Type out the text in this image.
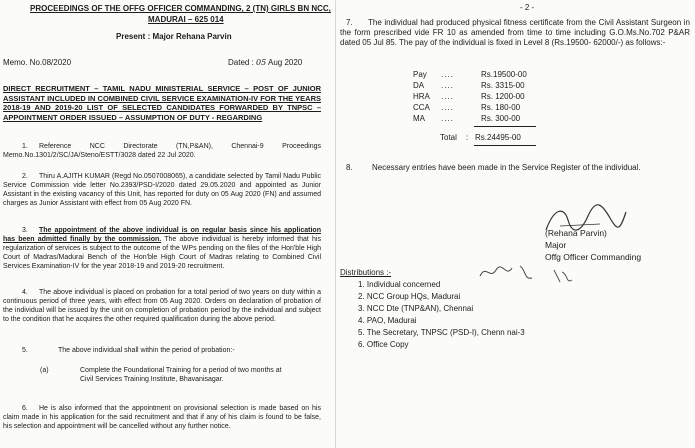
PROCEEDINGS OF THE OFFG OFFICER COMMANDING, 2 (TN) GIRLS BN NCC,
MADURAI – 625 014
Present : Major Rehana Parvin
Memo. No.08/2020	Dated : 05 Aug 2020
DIRECT RECRUITMENT – TAMIL NADU MINISTERIAL SERVICE – POST OF JUNIOR ASSISTANT INCLUDED IN COMBINED CIVIL SERVICE EXAMINATION-IV FOR THE YEARS 2018-19 AND 2019-20 LIST OF SELECTED CANDIDATES FORWARDED BY TNPSC – APPOINTMENT ORDER ISSUED – ASSUMPTION OF DUTY - REGARDING
1.	Reference NCC Directorate (TN,P&AN), Chennai-9 Proceedings Memo.No.1301/2/SC/JA/Steno/ESTT/3028 dated 22 Jul 2020.
2.	Thiru A.AJITH KUMAR (Regd No.0507008065), a candidate selected by Tamil Nadu Public Service Commission vide letter No.2393/PSD-I/2020 dated 29.05.2020 and appointed as Junior Assistant in the existing vacancy of this Unit, has reported for duty on 05 Aug 2020 (FN) and assumed charges as Junior Assistant with effect from 05 Aug 2020 FN.
3.	The appointment of the above individual is on regular basis since his application has been admitted finally by the commission. The above individual is hereby informed that his regularization of services is subject to the outcome of the WPs pending on the files of the Hon'ble High Court of Madras/Madurai Bench of the Hon'ble High Court of Madras relating to Combined Civil Services Examination-IV for the year 2018-19 and 2019-20 recruitment.
4.	The above individual is placed on probation for a total period of two years on duty within a continuous period of three years, with effect from 05 Aug 2020. Orders on declaration of probation of the individual will be issued by the unit on completion of probation period by the individual and subject to the condition that he acquires the other required qualification during the above period.
5.	The above individual shall within the period of probation:-
(a)	Complete the Foundational Training for a period of two months at
Civil Services Training Institute, Bhavanisagar.
6.	He is also informed that the appointment on provisional selection is made based on his claim made in his application for the said recruitment and that if any of his claim is found to be false, his selection and appointment will be cancelled without any further notice.
- 2 -
7.	The individual had produced physical fitness certificate from the Civil Assistant Surgeon in the form prescribed vide FR 10 as amended from time to time including G.O.Ms.No.702 P&AR dated 05 Jul 85. The pay of the individual is fixed in Level 8 (Rs.19500- 62000/-) as follows:-
Pay ....	Rs.19500-00
DA ....	Rs. 3315-00
HRA ....	Rs. 1200-00
CCA ....	Rs. 180-00
MA ....	Rs. 300-00
Total : Rs.24495-00
8. Necessary entries have been made in the Service Register of the individual.
(Rehana Parvin)
Major
Offg Officer Commanding
Distributions :-
1. Individual concerned
2. NCC Group HQs, Madurai
3. NCC Dte (TNP&AN), Chennai
4. PAO, Madurai
5. The Secretary, TNPSC (PSD-I), Chenn nai-3
6. Office Copy
